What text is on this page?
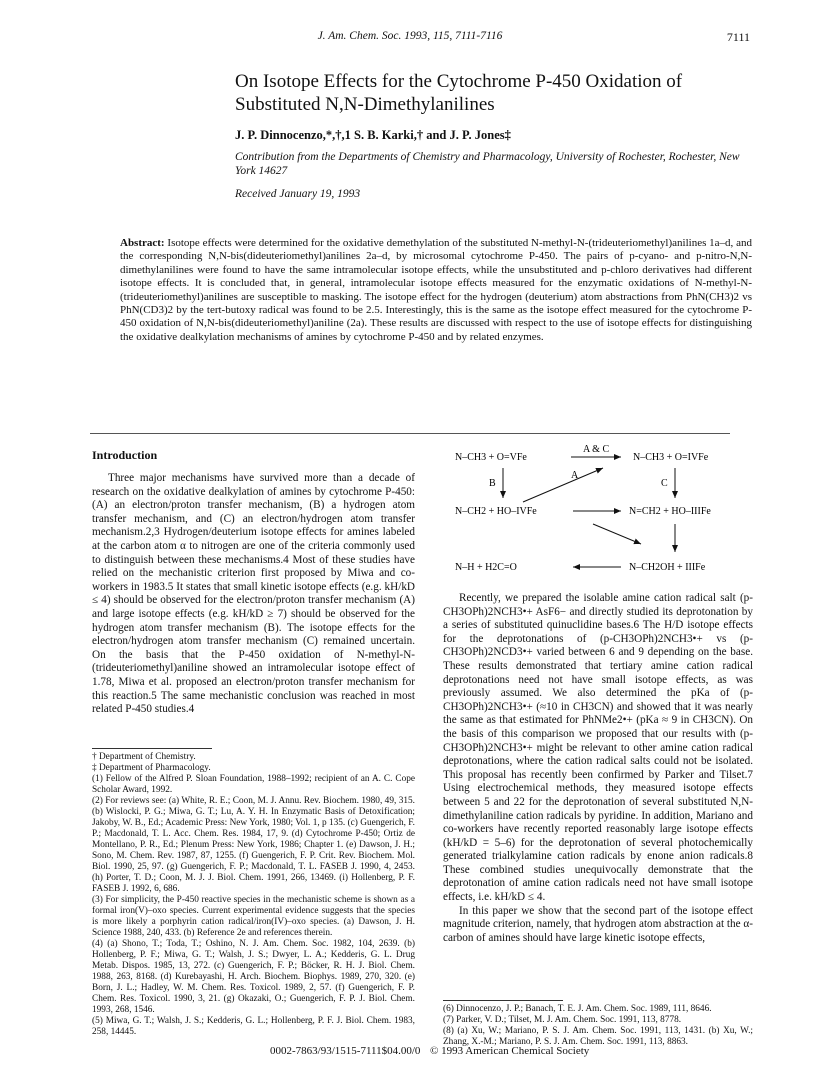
J. Am. Chem. Soc. 1993, 115, 7111-7116	7111
On Isotope Effects for the Cytochrome P-450 Oxidation of Substituted N,N-Dimethylanilines
J. P. Dinnocenzo,*,†,1 S. B. Karki,† and J. P. Jones‡
Contribution from the Departments of Chemistry and Pharmacology, University of Rochester, Rochester, New York 14627
Received January 19, 1993
Abstract: Isotope effects were determined for the oxidative demethylation of the substituted N-methyl-N-(trideuteriomethyl)anilines 1a–d, and the corresponding N,N-bis(dideuteriomethyl)anilines 2a–d, by microsomal cytochrome P-450. The pairs of p-cyano- and p-nitro-N,N-dimethylanilines were found to have the same intramolecular isotope effects, while the unsubstituted and p-chloro derivatives had different isotope effects. It is concluded that, in general, intramolecular isotope effects measured for the enzymatic oxidations of N-methyl-N-(trideuteriomethyl)anilines are susceptible to masking. The isotope effect for the hydrogen (deuterium) atom abstractions from PhN(CH3)2 vs PhN(CD3)2 by the tert-butoxy radical was found to be 2.5. Interestingly, this is the same as the isotope effect measured for the cytochrome P-450 oxidation of N,N-bis(dideuteriomethyl)aniline (2a). These results are discussed with respect to the use of isotope effects for distinguishing the oxidative dealkylation mechanisms of amines by cytochrome P-450 and by related enzymes.
Introduction
Three major mechanisms have survived more than a decade of research on the oxidative dealkylation of amines by cytochrome P-450: (A) an electron/proton transfer mechanism, (B) a hydrogen atom transfer mechanism, and (C) an electron/hydrogen atom transfer mechanism.2,3 Hydrogen/deuterium isotope effects for amines labeled at the carbon atom α to nitrogen are one of the criteria commonly used to distinguish between these mechanisms.4 Most of these studies have relied on the mechanistic criterion first proposed by Miwa and co-workers in 1983.5 It states that small kinetic isotope effects (e.g. kH/kD ≤ 4) should be observed for the electron/proton transfer mechanism (A) and large isotope effects (e.g. kH/kD ≥ 7) should be observed for the hydrogen atom transfer mechanism (B). The isotope effects for the electron/hydrogen atom transfer mechanism (C) remained uncertain. On the basis that the P-450 oxidation of N-methyl-N-(trideuteriomethyl)aniline showed an intramolecular isotope effect of 1.78, Miwa et al. proposed an electron/proton transfer mechanism for this reaction.5 The same mechanistic conclusion was reached in most related P-450 studies.4

† Department of Chemistry.

‡ Department of Pharmacology.

(1) Fellow of the Alfred P. Sloan Foundation, 1988–1992; recipient of an A. C. Cope Scholar Award, 1992.

(2) For reviews see: (a) White, R. E.; Coon, M. J. Annu. Rev. Biochem. 1980, 49, 315. (b) Wislocki, P. G.; Miwa, G. T.; Lu, A. Y. H. In Enzymatic Basis of Detoxification; Jakoby, W. B., Ed.; Academic Press: New York, 1980; Vol. 1, p 135. (c) Guengerich, F. P.; Macdonald, T. L. Acc. Chem. Res. 1984, 17, 9. (d) Cytochrome P-450; Ortiz de Montellano, P. R., Ed.; Plenum Press: New York, 1986; Chapter 1. (e) Dawson, J. H.; Sono, M. Chem. Rev. 1987, 87, 1255. (f) Guengerich, F. P. Crit. Rev. Biochem. Mol. Biol. 1990, 25, 97. (g) Guengerich, F. P.; Macdonald, T. L. FASEB J. 1990, 4, 2453. (h) Porter, T. D.; Coon, M. J. J. Biol. Chem. 1991, 266, 13469. (i) Hollenberg, P. F. FASEB J. 1992, 6, 686.

(3) For simplicity, the P-450 reactive species in the mechanistic scheme is shown as a formal iron(V)–oxo species. Current experimental evidence suggests that the species is more likely a porphyrin cation radical/iron(IV)–oxo species. (a) Dawson, J. H. Science 1988, 240, 433. (b) Reference 2e and references therein.

(4) (a) Shono, T.; Toda, T.; Oshino, N. J. Am. Chem. Soc. 1982, 104, 2639. (b) Hollenberg, P. F.; Miwa, G. T.; Walsh, J. S.; Dwyer, L. A.; Kedderis, G. L. Drug Metab. Dispos. 1985, 13, 272. (c) Guengerich, F. P.; Böcker, R. H. J. Biol. Chem. 1988, 263, 8168. (d) Kurebayashi, H. Arch. Biochem. Biophys. 1989, 270, 320. (e) Born, J. L.; Hadley, W. M. Chem. Res. Toxicol. 1989, 2, 57. (f) Guengerich, F. P. Chem. Res. Toxicol. 1990, 3, 21. (g) Okazaki, O.; Guengerich, F. P. J. Biol. Chem. 1993, 268, 1546.

(5) Miwa, G. T.; Walsh, J. S.; Kedderis, G. L.; Hollenberg, P. F. J. Biol. Chem. 1983, 258, 14445.

N–CH3 + O=VFe
A & C
N–CH3 + O=IVFe
B
A
C
N–CH2 + HO–IVFe	N=CH2 + HO–IIIFe
N–H + H2C=O	N–CH2OH + IIIFe

Recently, we prepared the isolable amine cation radical salt (p-CH3OPh)2NCH3•+ AsF6− and directly studied its deprotonation by a series of substituted quinuclidine bases.6 The H/D isotope effects for the deprotonations of (p-CH3OPh)2NCH3•+ vs (p-CH3OPh)2NCD3•+ varied between 6 and 9 depending on the base. These results demonstrated that tertiary amine cation radical deprotonations need not have small isotope effects, as was previously assumed. We also determined the pKa of (p-CH3OPh)2NCH3•+ (≈10 in CH3CN) and showed that it was nearly the same as that estimated for PhNMe2•+ (pKa ≈ 9 in CH3CN). On the basis of this comparison we proposed that our results with (p-CH3OPh)2NCH3•+ might be relevant to other amine cation radical deprotonations, where the cation radical salts could not be isolated. This proposal has recently been confirmed by Parker and Tilset.7 Using electrochemical methods, they measured isotope effects between 5 and 22 for the deprotonation of several substituted N,N-dimethylaniline cation radicals by pyridine. In addition, Mariano and co-workers have recently reported reasonably large isotope effects (kH/kD = 5–6) for the deprotonation of several photochemically generated trialkylamine cation radicals by enone anion radicals.8 These combined studies unequivocally demonstrate that the deprotonation of amine cation radicals need not have small isotope effects, i.e. kH/kD ≤ 4.

In this paper we show that the second part of the isotope effect magnitude criterion, namely, that hydrogen atom abstraction at the α-carbon of amines should have large kinetic isotope effects,

(6) Dinnocenzo, J. P.; Banach, T. E. J. Am. Chem. Soc. 1989, 111, 8646.
(7) Parker, V. D.; Tilset, M. J. Am. Chem. Soc. 1991, 113, 8778.
(8) (a) Xu, W.; Mariano, P. S. J. Am. Chem. Soc. 1991, 113, 1431. (b) Xu, W.; Zhang, X.-M.; Mariano, P. S. J. Am. Chem. Soc. 1991, 113, 8863.
0002-7863/93/1515-7111$04.00/0 © 1993 American Chemical Society
